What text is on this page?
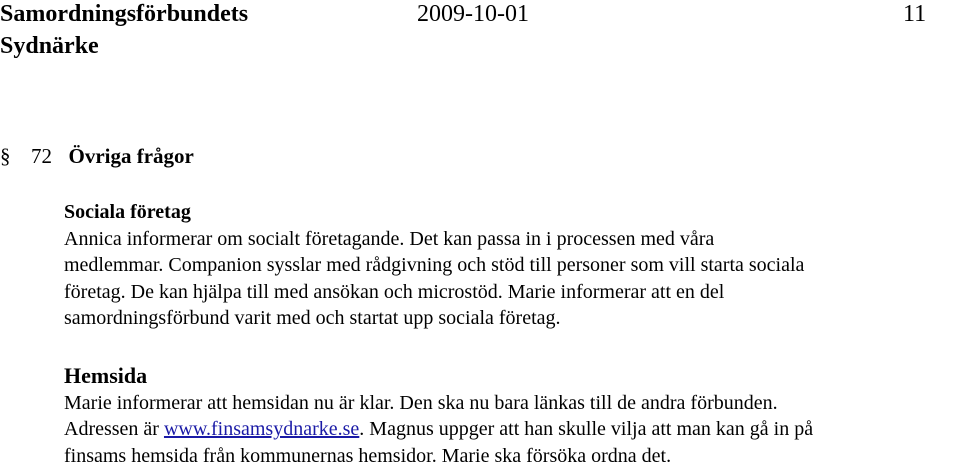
Samordningsförbundets
Sydnärke
2009-10-01	11
§ 72 Övriga frågor
Sociala företag
Annica informerar om socialt företagande. Det kan passa in i processen med våra
medlemmar. Companion sysslar med rådgivning och stöd till personer som vill starta sociala
företag. De kan hjälpa till med ansökan och microstöd. Marie informerar att en del
samordningsförbund varit med och startat upp sociala företag.
Hemsida
Marie informerar att hemsidan nu är klar. Den ska nu bara länkas till de andra förbunden.
Adressen är www.finsamsydnarke.se. Magnus uppger att han skulle vilja att man kan gå in på
finsams hemsida från kommunernas hemsidor. Marie ska försöka ordna det.
